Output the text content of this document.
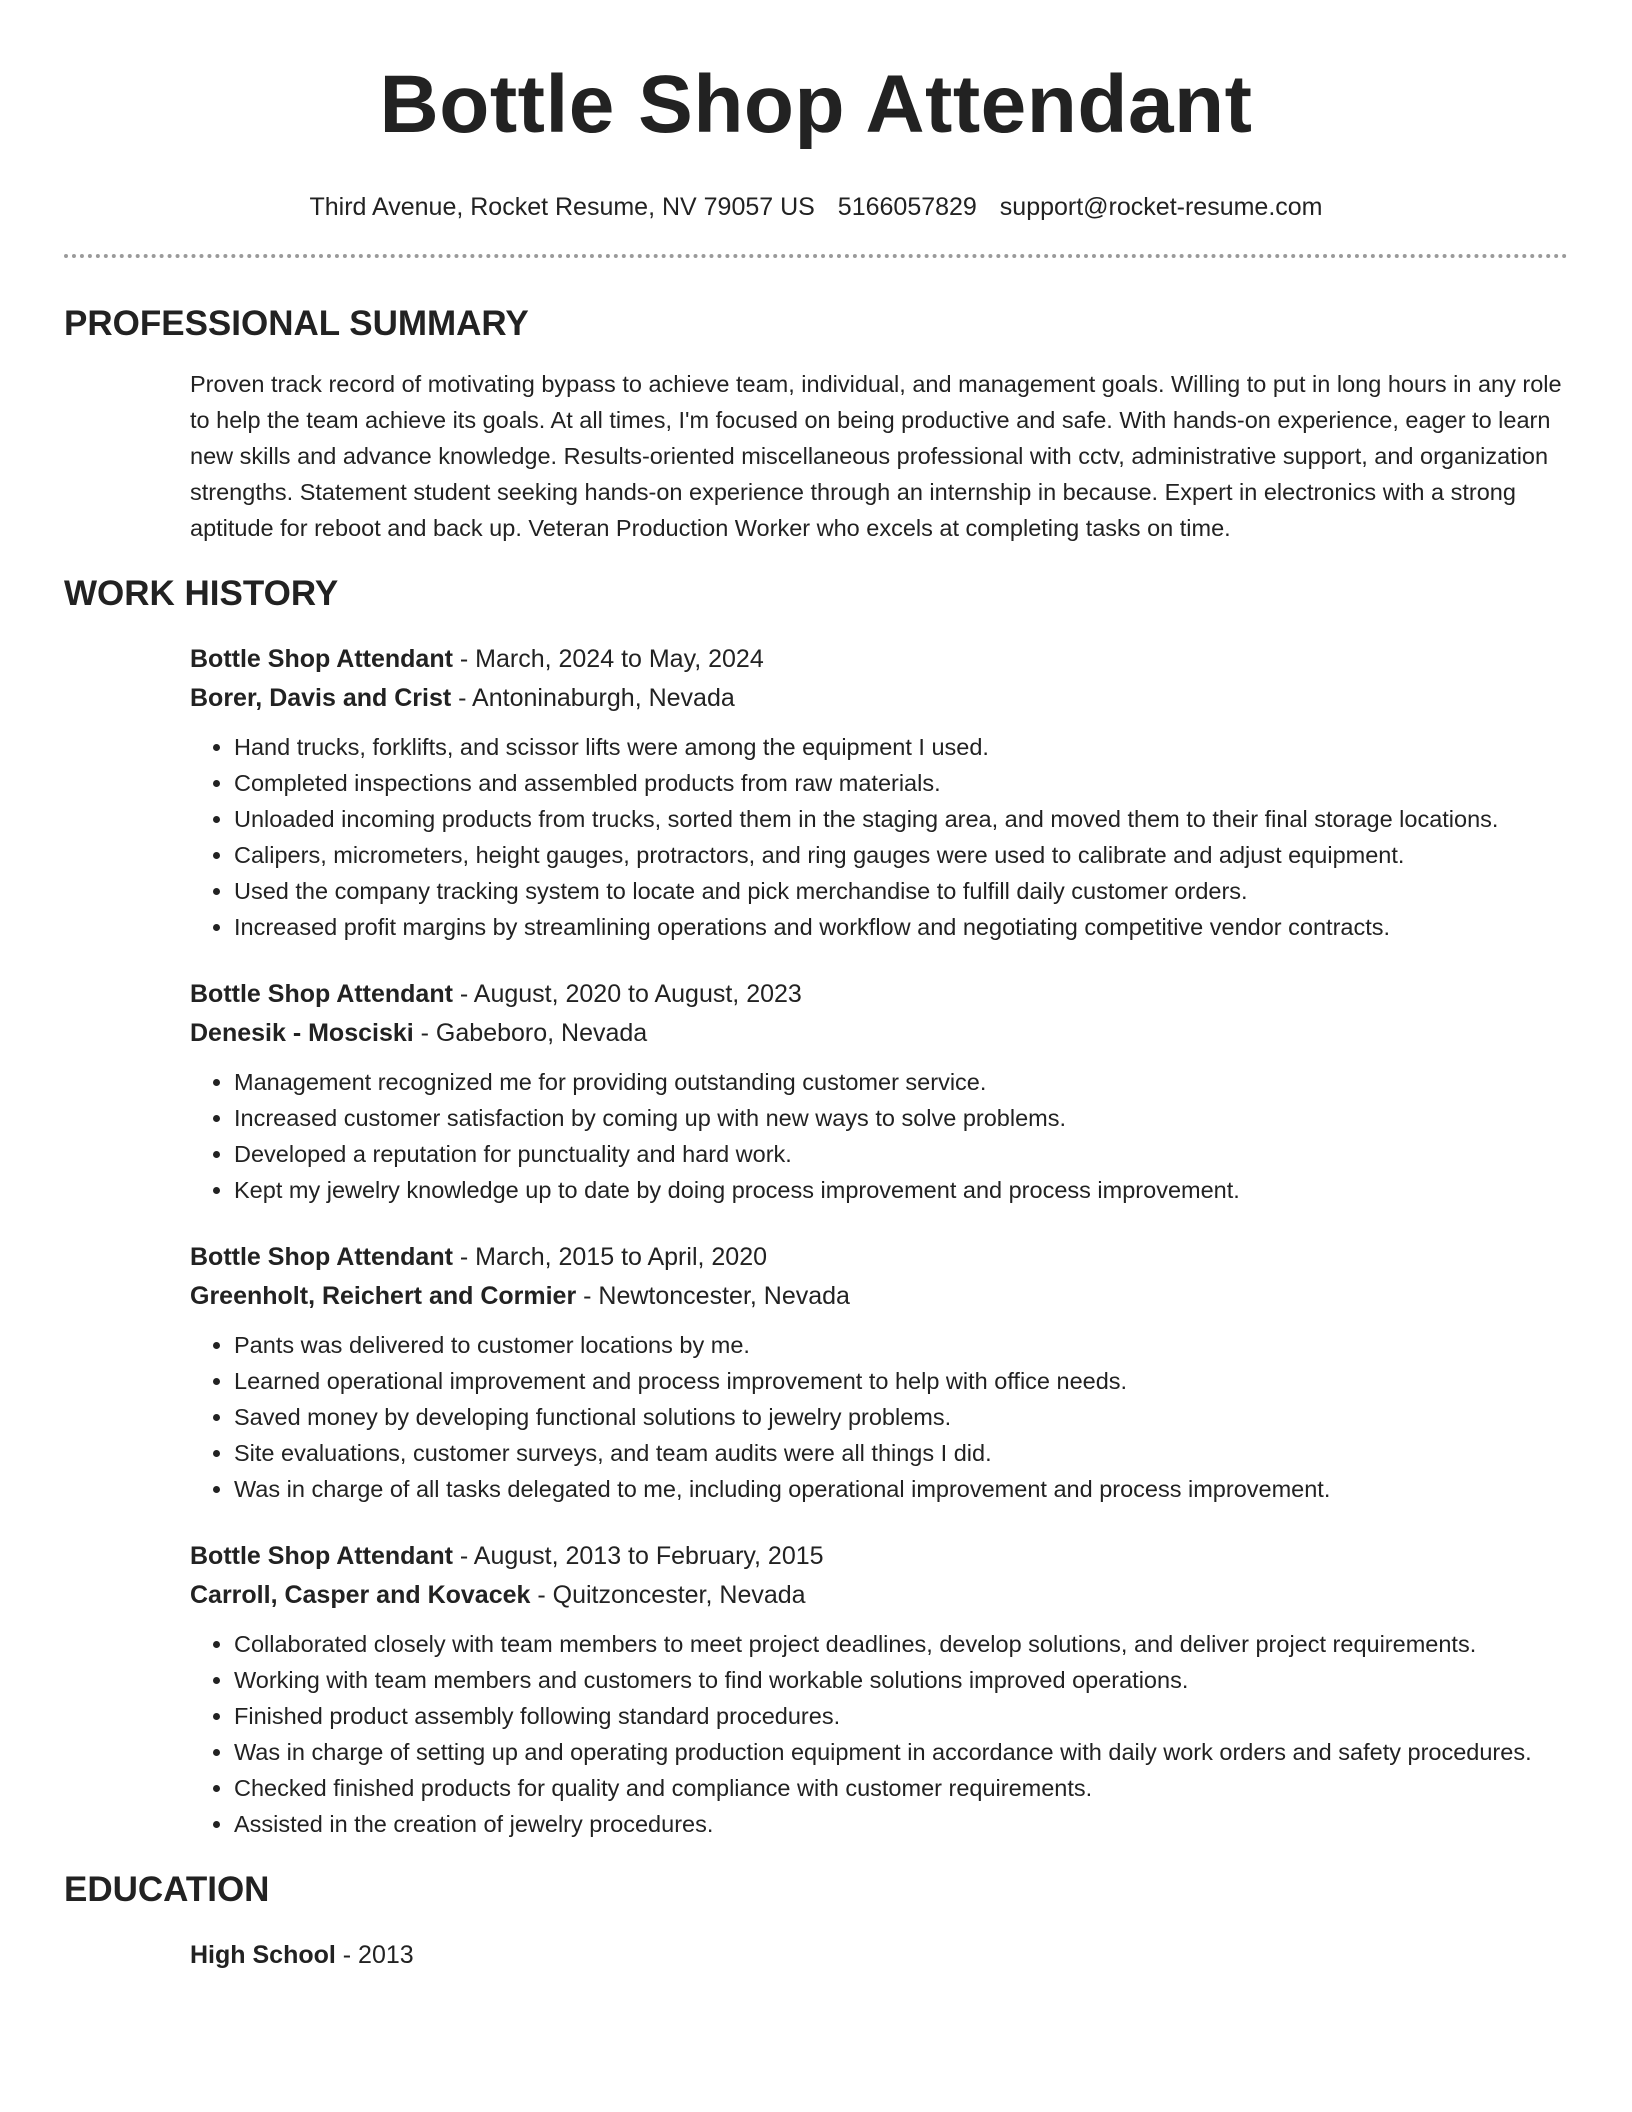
Bottle Shop Attendant
Third Avenue, Rocket Resume, NV 79057 US 5166057829 support@rocket-resume.com
PROFESSIONAL SUMMARY

Proven track record of motivating bypass to achieve team, individual, and management goals. Willing to put in long hours in any role to help the team achieve its goals. At all times, I'm focused on being productive and safe. With hands-on experience, eager to learn new skills and advance knowledge. Results-oriented miscellaneous professional with cctv, administrative support, and organization strengths. Statement student seeking hands-on experience through an internship in because. Expert in electronics with a strong aptitude for reboot and back up. Veteran Production Worker who excels at completing tasks on time.

WORK HISTORY
Bottle Shop Attendant - March, 2024 to May, 2024
Borer, Davis and Crist - Antoninaburgh, Nevada
• Hand trucks, forklifts, and scissor lifts were among the equipment I used.
• Completed inspections and assembled products from raw materials.
• Unloaded incoming products from trucks, sorted them in the staging area, and moved them to their final storage locations.
• Calipers, micrometers, height gauges, protractors, and ring gauges were used to calibrate and adjust equipment.
• Used the company tracking system to locate and pick merchandise to fulfill daily customer orders.
• Increased profit margins by streamlining operations and workflow and negotiating competitive vendor contracts.
Bottle Shop Attendant - August, 2020 to August, 2023
Denesik - Mosciski - Gabeboro, Nevada
• Management recognized me for providing outstanding customer service.
• Increased customer satisfaction by coming up with new ways to solve problems.
• Developed a reputation for punctuality and hard work.
• Kept my jewelry knowledge up to date by doing process improvement and process improvement.
Bottle Shop Attendant - March, 2015 to April, 2020
Greenholt, Reichert and Cormier - Newtoncester, Nevada
• Pants was delivered to customer locations by me.
• Learned operational improvement and process improvement to help with office needs.
• Saved money by developing functional solutions to jewelry problems.
• Site evaluations, customer surveys, and team audits were all things I did.
• Was in charge of all tasks delegated to me, including operational improvement and process improvement.
Bottle Shop Attendant - August, 2013 to February, 2015
Carroll, Casper and Kovacek - Quitzoncester, Nevada
• Collaborated closely with team members to meet project deadlines, develop solutions, and deliver project requirements.
• Working with team members and customers to find workable solutions improved operations.
• Finished product assembly following standard procedures.
• Was in charge of setting up and operating production equipment in accordance with daily work orders and safety procedures.
• Checked finished products for quality and compliance with customer requirements.
• Assisted in the creation of jewelry procedures.
EDUCATION
High School - 2013
